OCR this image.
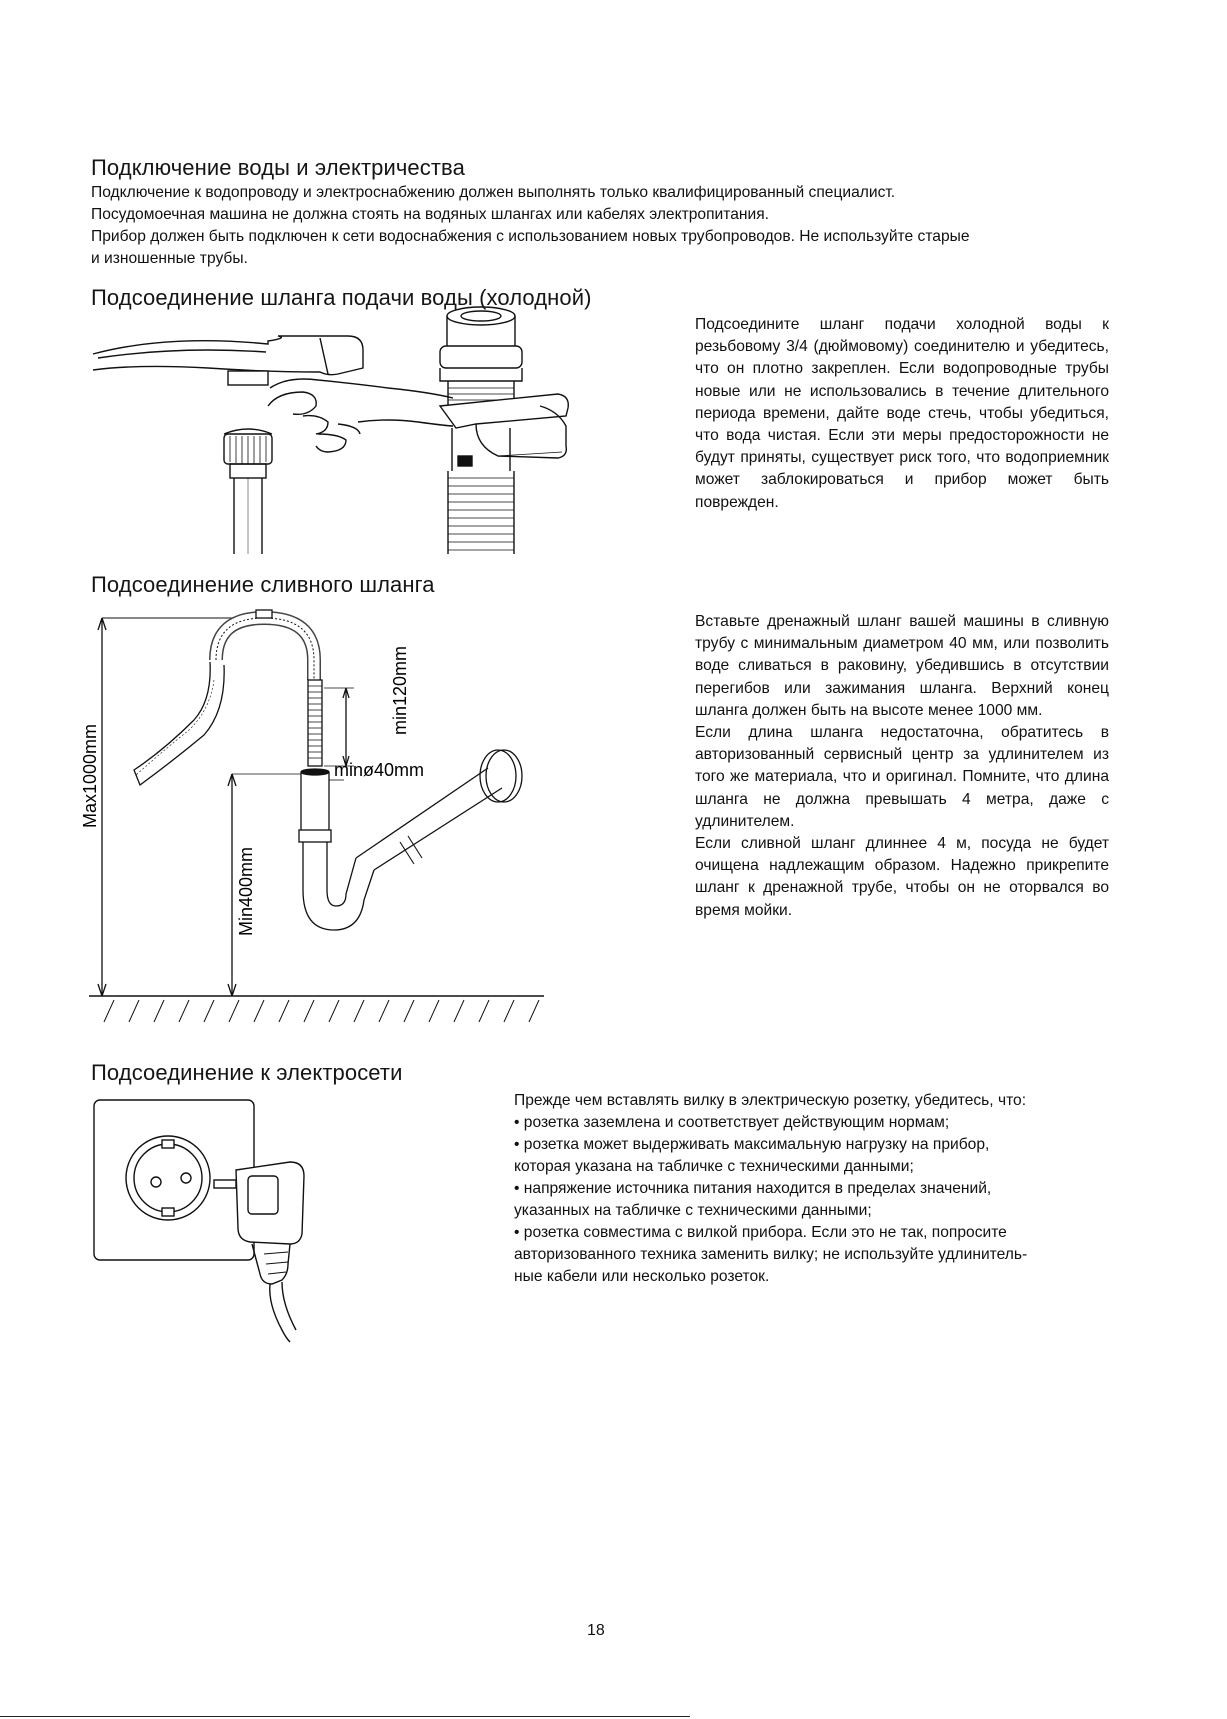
Подключение воды и электричества

Подключение к водопроводу и электроснабжению должен выполнять только квалифицированный специалист.

Посудомоечная машина не должна стоять на водяных шлангах или кабелях электропитания.

Прибор должен быть подключен к сети водоснабжения с использованием новых трубопроводов. Не используйте старые

и изношенные трубы.

Подсоединение шланга подачи воды (холодной)

Подсоедините шланг подачи холодной воды к резьбовому 3/4 (дюймовому) соединителю и убедитесь, что он плотно закреплен. Если водопроводные трубы новые или не использовались в течение длительного периода времени, дайте воде стечь, чтобы убедиться, что вода чистая. Если эти меры предосторожности не будут приняты, существует риск того, что водоприемник может заблокироваться и прибор может быть поврежден.

Подсоединение сливного шланга
Max1000mm
min120mm
minø40mm
Min400mm

Вставьте дренажный шланг вашей машины в сливную трубу с минимальным диаметром 40 мм, или позволить воде сливаться в раковину, убедившись в отсутствии перегибов или зажимания шланга. Верхний конец шланга должен быть на высоте менее 1000 мм.

Если длина шланга недостаточна, обратитесь в авторизованный сервисный центр за удлинителем из того же материала, что и оригинал. Помните, что длина шланга не должна превышать 4 метра, даже с удлинителем.

Если сливной шланг длиннее 4 м, посуда не будет очищена надлежащим образом. Надежно прикрепите шланг к дренажной трубе, чтобы он не оторвался во время мойки.

Подсоединение к электросети

Прежде чем вставлять вилку в электрическую розетку, убедитесь, что:

• розетка заземлена и соответствует действующим нормам;

• розетка может выдерживать максимальную нагрузку на прибор,

которая указана на табличке с техническими данными;

• напряжение источника питания находится в пределах значений,

указанных на табличке с техническими данными;

• розетка совместима с вилкой прибора. Если это не так, попросите

авторизованного техника заменить вилку; не используйте удлинитель-

ные кабели или несколько розеток.

18
